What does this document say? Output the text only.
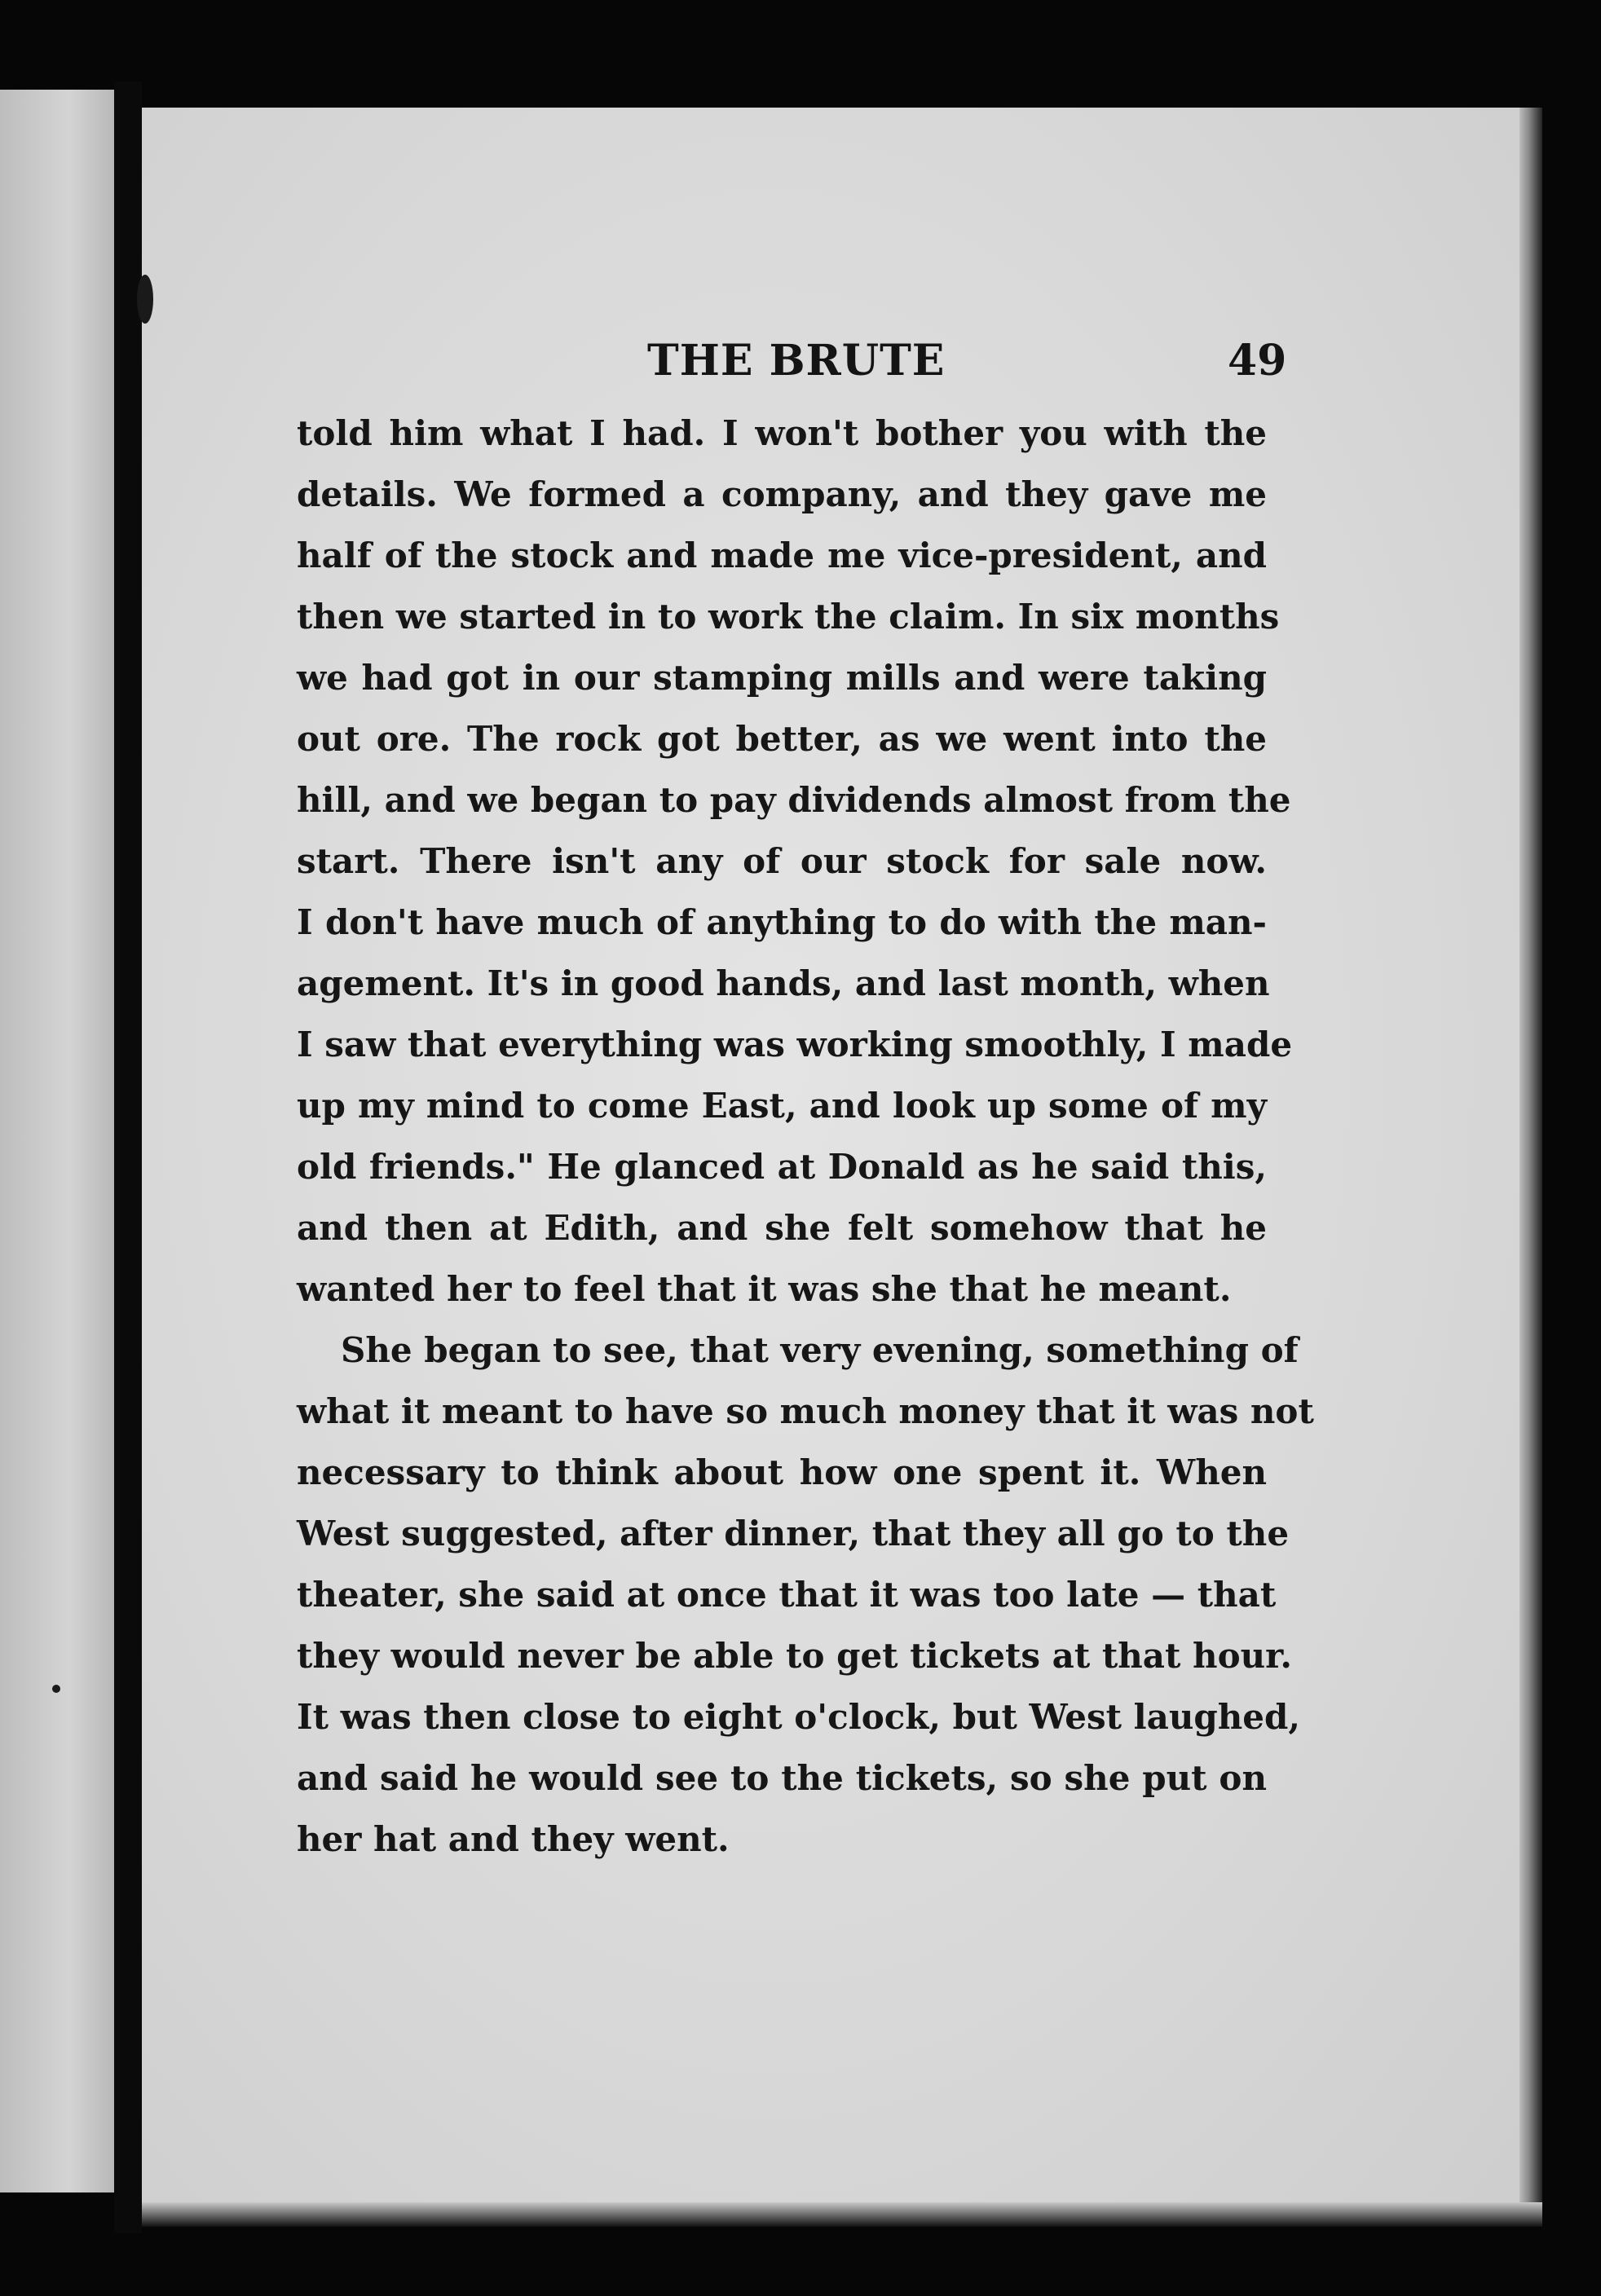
THE BRUTE	49
told him what I had. I won't bother you with the
details. We formed a company, and they gave me
half of the stock and made me vice-president, and
then we started in to work the claim. In six months
we had got in our stamping mills and were taking
out ore. The rock got better, as we went into the
hill, and we began to pay dividends almost from the
start. There isn't any of our stock for sale now.
I don't have much of anything to do with the man-
agement. It's in good hands, and last month, when
I saw that everything was working smoothly, I made
up my mind to come East, and look up some of my
old friends." He glanced at Donald as he said this,
and then at Edith, and she felt somehow that he
wanted her to feel that it was she that he meant.
She began to see, that very evening, something of
what it meant to have so much money that it was not
necessary to think about how one spent it. When
West suggested, after dinner, that they all go to the
theater, she said at once that it was too late — that
they would never be able to get tickets at that hour.
It was then close to eight o'clock, but West laughed,
and said he would see to the tickets, so she put on
her hat and they went.
